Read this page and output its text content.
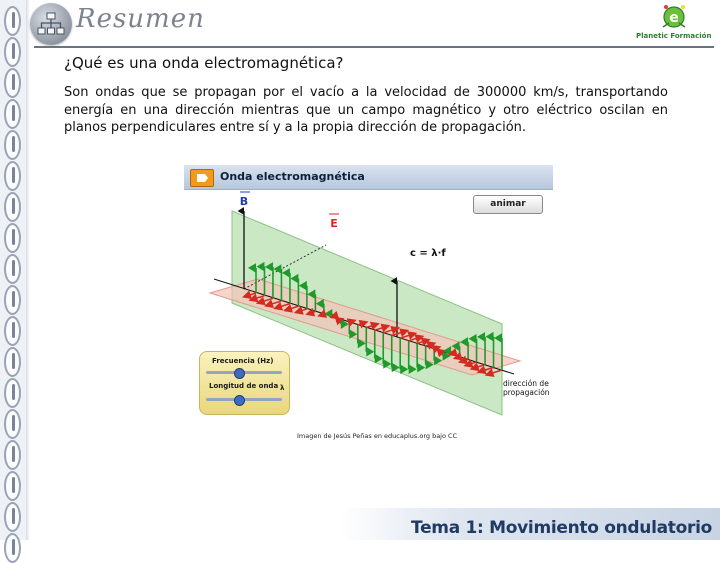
Resumen	e
Planetic Formación
¿Qué es una onda electromagnética?
Son ondas que se propagan por el vacío a la velocidad de 300000 km/s, transportando energía en una dirección mientras que un campo magnético y otro eléctrico oscilan en planos perpendiculares entre sí y a la propia dirección de propagación.
Onda electromagnética
animar
B
E
c = λ·f
dirección de
propagación
Frecuencia (Hz)
Longitud de onda λ
Imagen de Jesús Peñas en educaplus.org bajo CC
Tema 1: Movimiento ondulatorio
